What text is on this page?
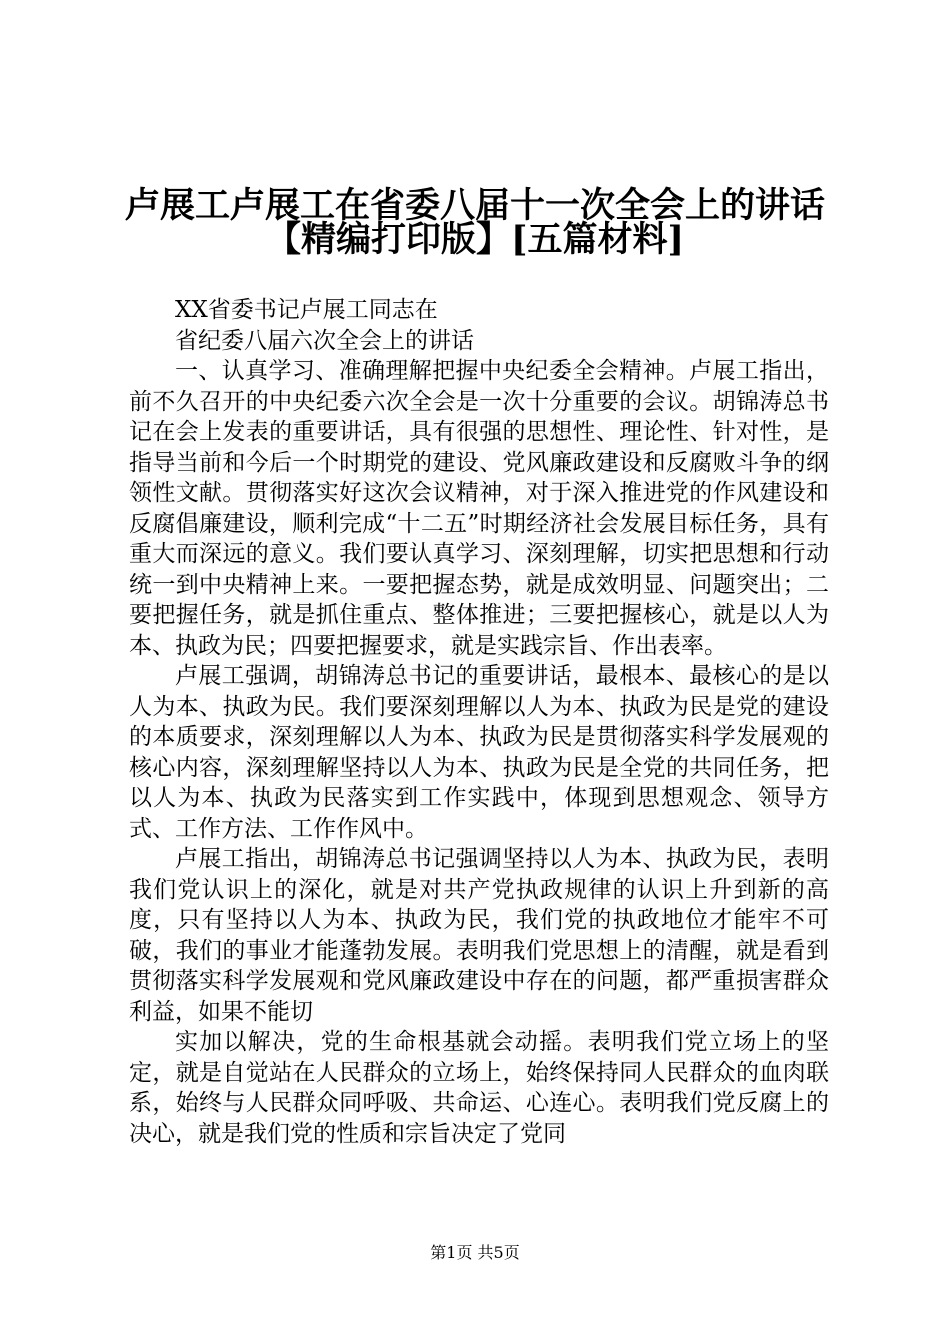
卢展工卢展工在省委八届十一次全会上的讲话
【精编打印版】[五篇材料]

XX省委书记卢展工同志在

省纪委八届六次全会上的讲话

一、认真学习、准确理解把握中央纪委全会精神。卢展工指出，前不久召开的中央纪委六次全会是一次十分重要的会议。胡锦涛总书记在会上发表的重要讲话，具有很强的思想性、理论性、针对性，是指导当前和今后一个时期党的建设、党风廉政建设和反腐败斗争的纲领性文献。贯彻落实好这次会议精神，对于深入推进党的作风建设和反腐倡廉建设，顺利完成“十二五”时期经济社会发展目标任务，具有重大而深远的意义。我们要认真学习、深刻理解，切实把思想和行动统一到中央精神上来。一要把握态势，就是成效明显、问题突出；二要把握任务，就是抓住重点、整体推进；三要把握核心，就是以人为本、执政为民；四要把握要求，就是实践宗旨、作出表率。

卢展工强调，胡锦涛总书记的重要讲话，最根本、最核心的是以人为本、执政为民。我们要深刻理解以人为本、执政为民是党的建设的本质要求，深刻理解以人为本、执政为民是贯彻落实科学发展观的核心内容，深刻理解坚持以人为本、执政为民是全党的共同任务，把以人为本、执政为民落实到工作实践中，体现到思想观念、领导方式、工作方法、工作作风中。

卢展工指出，胡锦涛总书记强调坚持以人为本、执政为民，表明我们党认识上的深化，就是对共产党执政规律的认识上升到新的高度，只有坚持以人为本、执政为民，我们党的执政地位才能牢不可破，我们的事业才能蓬勃发展。表明我们党思想上的清醒，就是看到贯彻落实科学发展观和党风廉政建设中存在的问题，都严重损害群众利益，如果不能切

实加以解决，党的生命根基就会动摇。表明我们党立场上的坚定，就是自觉站在人民群众的立场上，始终保持同人民群众的血肉联系，始终与人民群众同呼吸、共命运、心连心。表明我们党反腐上的决心，就是我们党的性质和宗旨决定了党同

第1页 共5页
